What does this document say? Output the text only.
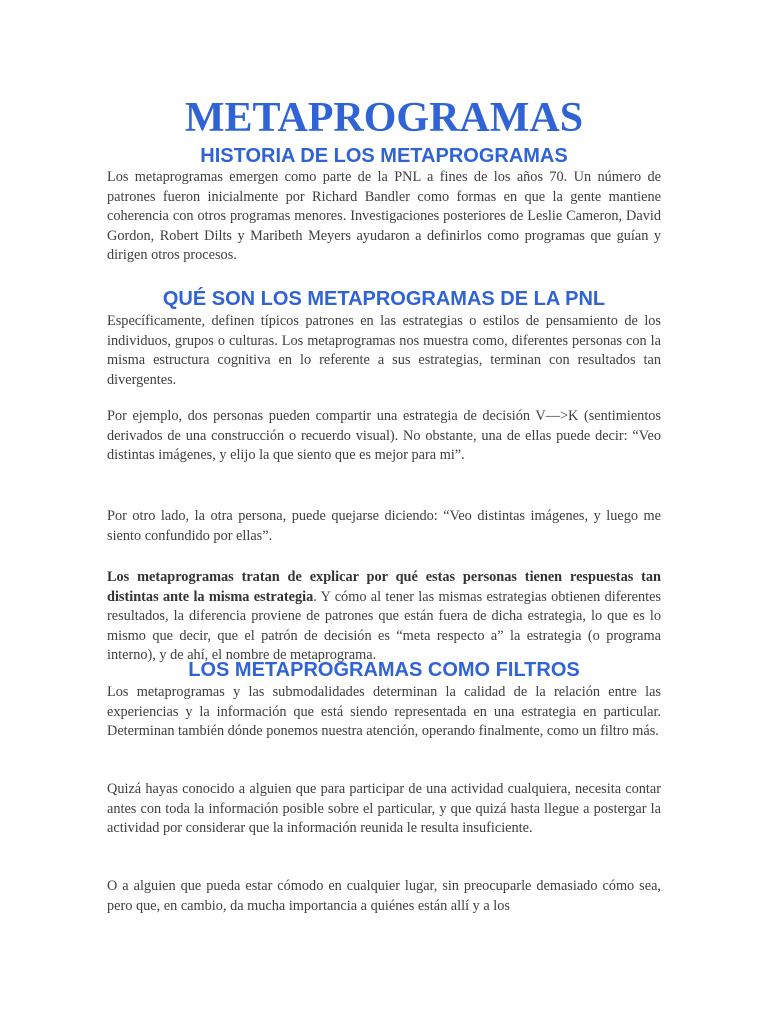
METAPROGRAMAS
HISTORIA DE LOS METAPROGRAMAS

Los metaprogramas emergen como parte de la PNL a fines de los años 70. Un número de patrones fueron inicialmente por Richard Bandler como formas en que la gente mantiene coherencia con otros programas menores. Investigaciones posteriores de Leslie Cameron, David Gordon, Robert Dilts y Maribeth Meyers ayudaron a definirlos como programas que guían y dirigen otros procesos.

QUÉ SON LOS METAPROGRAMAS DE LA PNL

Específicamente, definen típicos patrones en las estrategias o estilos de pensamiento de los individuos, grupos o culturas. Los metaprogramas nos muestra como, diferentes personas con la misma estructura cognitiva en lo referente a sus estrategias, terminan con resultados tan divergentes.

Por ejemplo, dos personas pueden compartir una estrategia de decisión V—>K (sentimientos derivados de una construcción o recuerdo visual). No obstante, una de ellas puede decir: “Veo distintas imágenes, y elijo la que siento que es mejor para mi”.

Por otro lado, la otra persona, puede quejarse diciendo: “Veo distintas imágenes, y luego me siento confundido por ellas”.

Los metaprogramas tratan de explicar por qué estas personas tienen respuestas tan distintas ante la misma estrategia. Y cómo al tener las mismas estrategias obtienen diferentes resultados, la diferencia proviene de patrones que están fuera de dicha estrategia, lo que es lo mismo que decir, que el patrón de decisión es “meta respecto a” la estrategia (o programa interno), y de ahí, el nombre de metaprograma.

LOS METAPROGRAMAS COMO FILTROS

Los metaprogramas y las submodalidades determinan la calidad de la relación entre las experiencias y la información que está siendo representada en una estrategia en particular. Determinan también dónde ponemos nuestra atención, operando finalmente, como un filtro más.

Quizá hayas conocido a alguien que para participar de una actividad cualquiera, necesita contar antes con toda la información posible sobre el particular, y que quizá hasta llegue a postergar la actividad por considerar que la información reunida le resulta insuficiente.

O a alguien que pueda estar cómodo en cualquier lugar, sin preocuparle demasiado cómo sea, pero que, en cambio, da mucha importancia a quiénes están allí y a los
